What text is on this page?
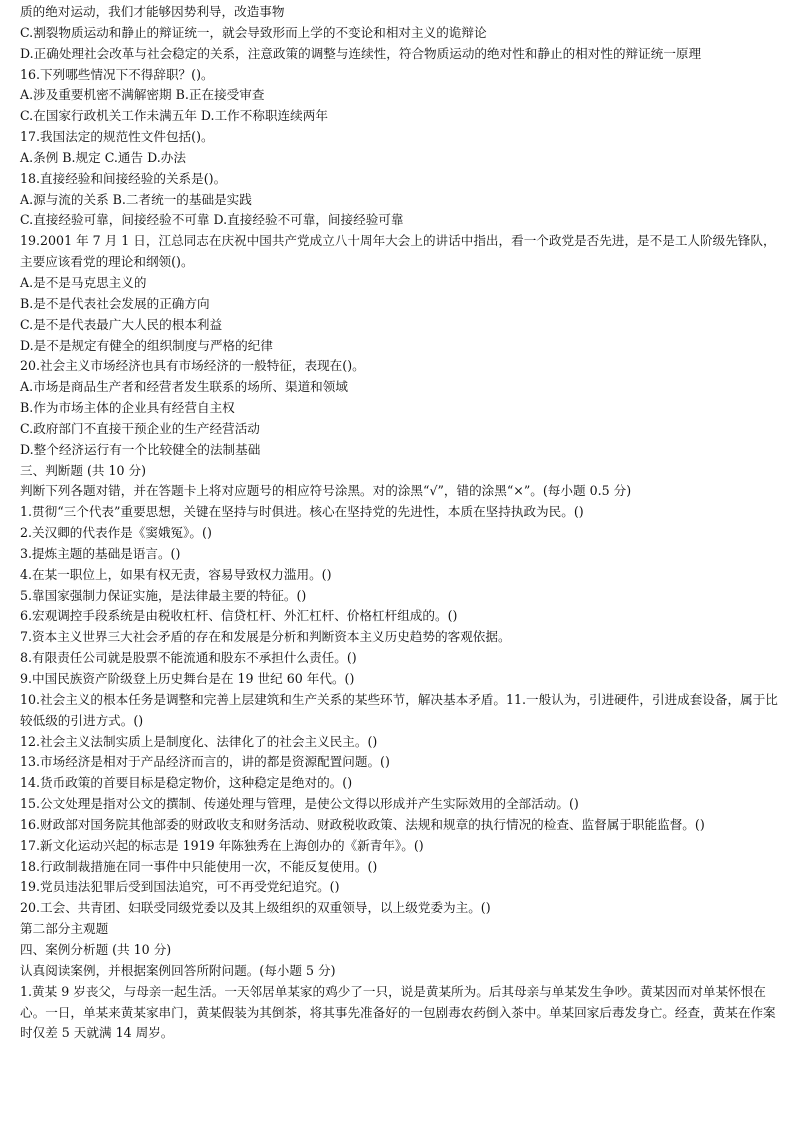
质的绝对运动，我们才能够因势利导，改造事物
C.割裂物质运动和静止的辩证统一，就会导致形而上学的不变论和相对主义的诡辩论
D.正确处理社会改革与社会稳定的关系，注意政策的调整与连续性，符合物质运动的绝对性和静止的相对性的辩证统一原理
16.下列哪些情况下不得辞职？()。
A.涉及重要机密不满解密期 B.正在接受审查
C.在国家行政机关工作未满五年 D.工作不称职连续两年
17.我国法定的规范性文件包括()。
A.条例 B.规定 C.通告 D.办法
18.直接经验和间接经验的关系是()。
A.源与流的关系 B.二者统一的基础是实践
C.直接经验可靠，间接经验不可靠 D.直接经验不可靠，间接经验可靠
19.2001 年 7 月 1 日，江总同志在庆祝中国共产党成立八十周年大会上的讲话中指出，看一个政党是否先进，是不是工人阶级先锋队，主要应该看党的理论和纲领()。
A.是不是马克思主义的
B.是不是代表社会发展的正确方向
C.是不是代表最广大人民的根本利益
D.是不是规定有健全的组织制度与严格的纪律
20.社会主义市场经济也具有市场经济的一般特征，表现在()。
A.市场是商品生产者和经营者发生联系的场所、渠道和领域
B.作为市场主体的企业具有经营自主权
C.政府部门不直接干预企业的生产经营活动
D.整个经济运行有一个比较健全的法制基础
三、判断题 (共 10 分)
判断下列各题对错，并在答题卡上将对应题号的相应符号涂黑。对的涂黑“√”，错的涂黑“×”。(每小题 0.5 分)
1.贯彻“三个代表”重要思想，关键在坚持与时俱进。核心在坚持党的先进性，本质在坚持执政为民。()
2.关汉卿的代表作是《窦娥冤》。()
3.提炼主题的基础是语言。()
4.在某一职位上，如果有权无责，容易导致权力滥用。()
5.靠国家强制力保证实施，是法律最主要的特征。()
6.宏观调控手段系统是由税收杠杆、信贷杠杆、外汇杠杆、价格杠杆组成的。()
7.资本主义世界三大社会矛盾的存在和发展是分析和判断资本主义历史趋势的客观依据。
8.有限责任公司就是股票不能流通和股东不承担什么责任。()
9.中国民族资产阶级登上历史舞台是在 19 世纪 60 年代。()
10.社会主义的根本任务是调整和完善上层建筑和生产关系的某些环节，解决基本矛盾。11.一般认为，引进硬件，引进成套设备，属于比较低级的引进方式。()
12.社会主义法制实质上是制度化、法律化了的社会主义民主。()
13.市场经济是相对于产品经济而言的，讲的都是资源配置问题。()
14.货币政策的首要目标是稳定物价，这种稳定是绝对的。()
15.公文处理是指对公文的撰制、传递处理与管理，是使公文得以形成并产生实际效用的全部活动。()
16.财政部对国务院其他部委的财政收支和财务活动、财政税收政策、法规和规章的执行情况的检查、监督属于职能监督。()
17.新文化运动兴起的标志是 1919 年陈独秀在上海创办的《新青年》。()
18.行政制裁措施在同一事件中只能使用一次，不能反复使用。()
19.党员违法犯罪后受到国法追究，可不再受党纪追究。()
20.工会、共青团、妇联受同级党委以及其上级组织的双重领导，以上级党委为主。()
第二部分主观题
四、案例分析题 (共 10 分)
认真阅读案例，并根据案例回答所附问题。(每小题 5 分)
1.黄某 9 岁丧父，与母亲一起生活。一天邻居单某家的鸡少了一只，说是黄某所为。后其母亲与单某发生争吵。黄某因而对单某怀恨在心。一日，单某来黄某家串门，黄某假装为其倒茶，将其事先准备好的一包剧毒农药倒入茶中。单某回家后毒发身亡。经查，黄某在作案时仅差 5 天就满 14 周岁。
